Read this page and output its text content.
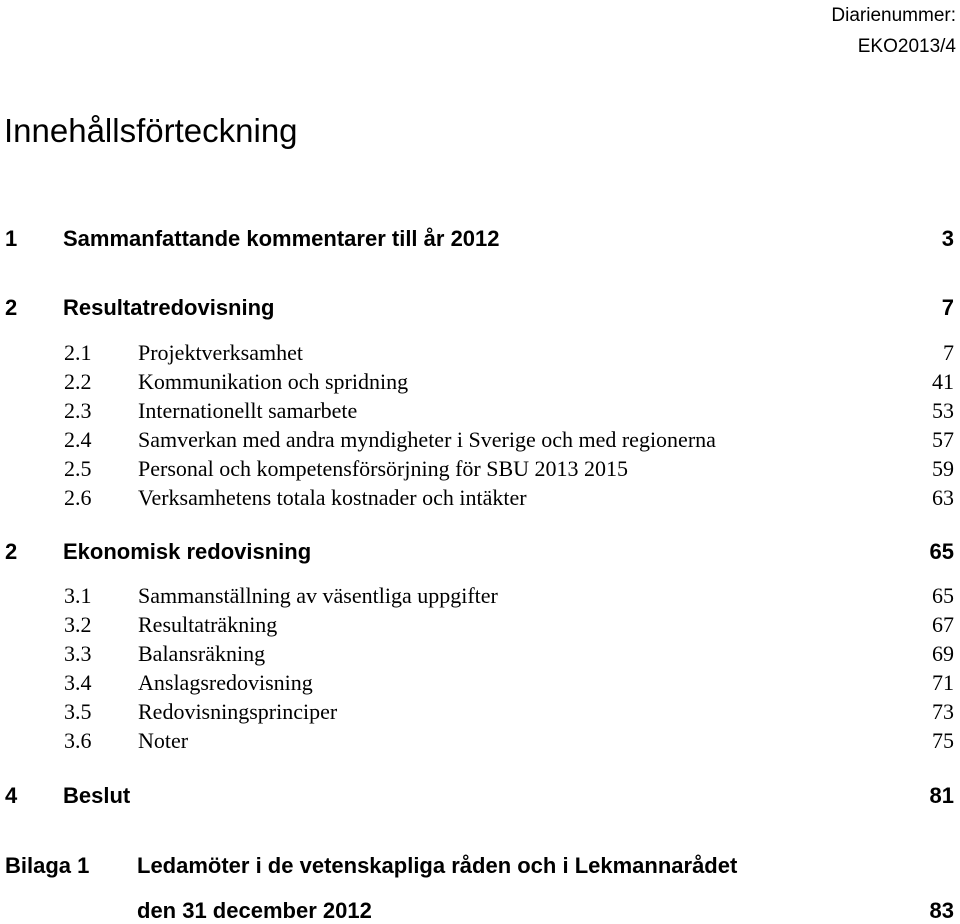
Diarienummer:
EKO2013/4
Innehållsförteckning
1 Sammanfattande kommentarer till år 2012	3
2 Resultatredovisning	7
2.1 Projektverksamhet	7
2.2 Kommunikation och spridning	41
2.3 Internationellt samarbete	53
2.4 Samverkan med andra myndigheter i Sverige och med regionerna	57
2.5 Personal och kompetensförsörjning för SBU 2013 2015	59
2.6 Verksamhetens totala kostnader och intäkter	63
2 Ekonomisk redovisning	65
3.1 Sammanställning av väsentliga uppgifter	65
3.2 Resultaträkning	67
3.3 Balansräkning	69
3.4 Anslagsredovisning	71
3.5 Redovisningsprinciper	73
3.6 Noter	75
4 Beslut	81
Bilaga 1 Ledamöter i de vetenskapliga råden och i Lekmannarådet
den 31 december 2012	83
